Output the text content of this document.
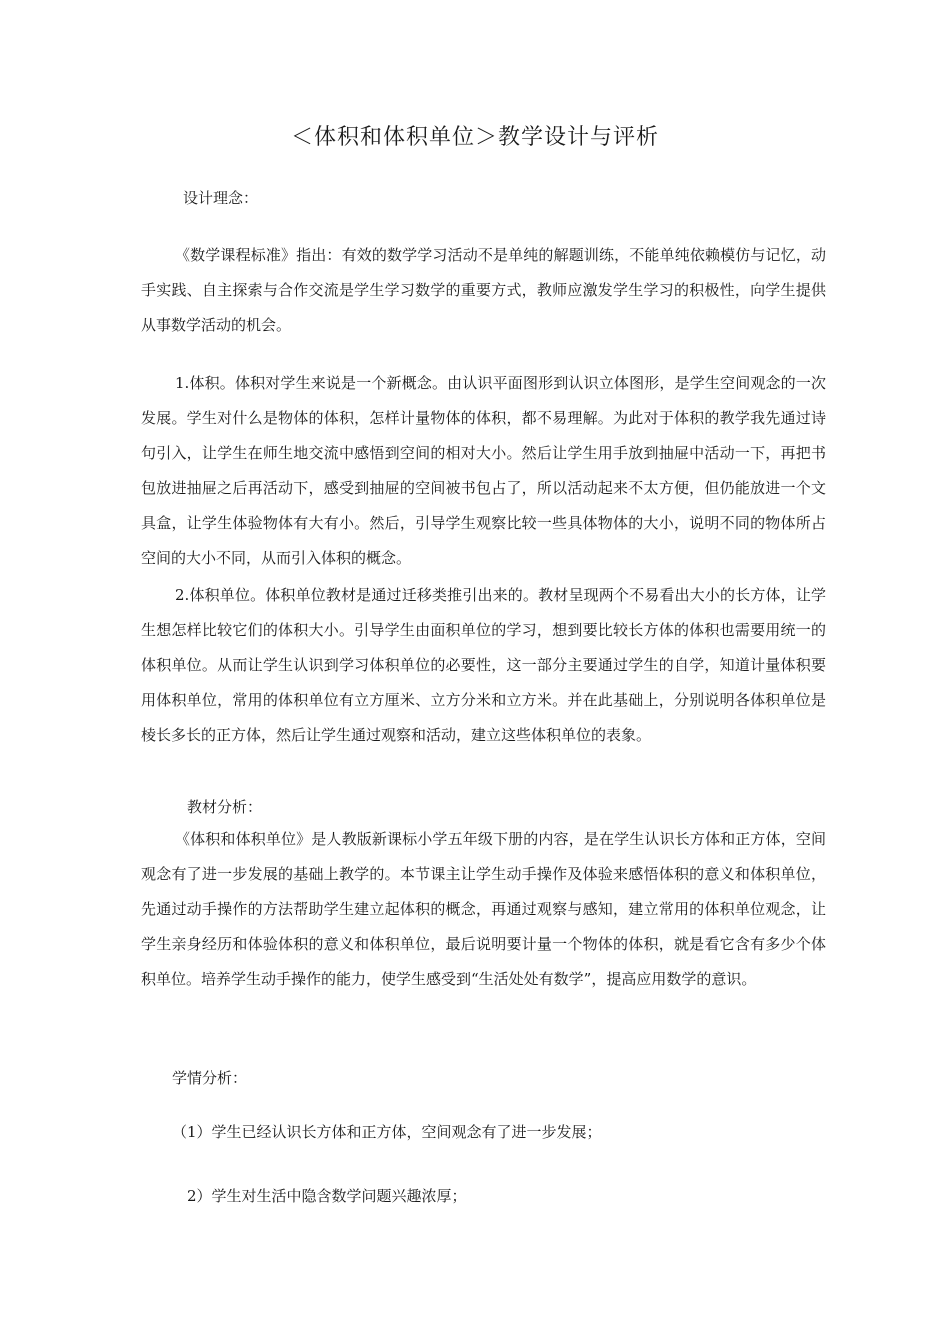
＜体积和体积单位＞教学设计与评析
设计理念：

《数学课程标准》指出：有效的数学学习活动不是单纯的解题训练，不能单纯依赖模仿与记忆，动手实践、自主探索与合作交流是学生学习数学的重要方式，教师应激发学生学习的积极性，向学生提供从事数学活动的机会。

1.体积。体积对学生来说是一个新概念。由认识平面图形到认识立体图形，是学生空间观念的一次发展。学生对什么是物体的体积，怎样计量物体的体积，都不易理解。为此对于体积的教学我先通过诗句引入，让学生在师生地交流中感悟到空间的相对大小。然后让学生用手放到抽屉中活动一下，再把书包放进抽屉之后再活动下，感受到抽屉的空间被书包占了，所以活动起来不太方便，但仍能放进一个文具盒，让学生体验物体有大有小。然后，引导学生观察比较一些具体物体的大小，说明不同的物体所占空间的大小不同，从而引入体积的概念。

2.体积单位。体积单位教材是通过迁移类推引出来的。教材呈现两个不易看出大小的长方体，让学生想怎样比较它们的体积大小。引导学生由面积单位的学习，想到要比较长方体的体积也需要用统一的体积单位。从而让学生认识到学习体积单位的必要性，这一部分主要通过学生的自学，知道计量体积要用体积单位，常用的体积单位有立方厘米、立方分米和立方米。并在此基础上，分别说明各体积单位是棱长多长的正方体，然后让学生通过观察和活动，建立这些体积单位的表象。

教材分析：

《体积和体积单位》是人教版新课标小学五年级下册的内容，是在学生认识长方体和正方体，空间观念有了进一步发展的基础上教学的。本节课主让学生动手操作及体验来感悟体积的意义和体积单位，先通过动手操作的方法帮助学生建立起体积的概念，再通过观察与感知，建立常用的体积单位观念，让学生亲身经历和体验体积的意义和体积单位，最后说明要计量一个物体的体积，就是看它含有多少个体积单位。培养学生动手操作的能力，使学生感受到“生活处处有数学”，提高应用数学的意识。

学情分析：
（1）学生已经认识长方体和正方体，空间观念有了进一步发展；
2）学生对生活中隐含数学问题兴趣浓厚；
